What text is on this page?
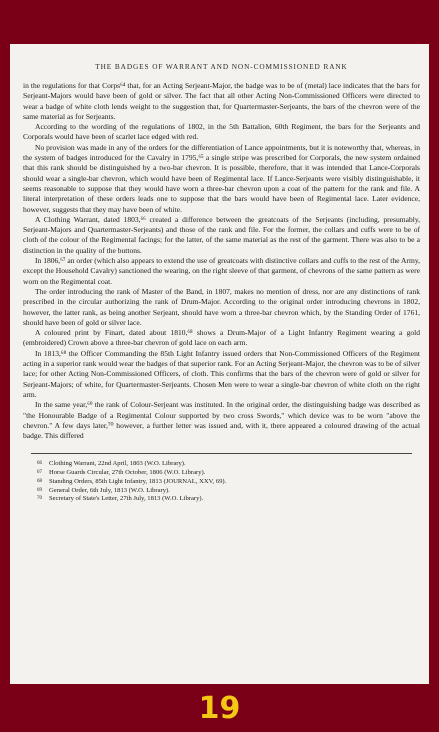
THE BADGES OF WARRANT AND NON-COMMISSIONED RANK

in the regulations for that Corps⁶⁴ that, for an Acting Serjeant-Major, the badge was to be of (metal) lace indicates that the bars for Serjeant-Majors would have been of gold or silver. The fact that all other Acting Non-Commissioned Officers were directed to wear a badge of white cloth lends weight to the suggestion that, for Quartermaster-Serjeants, the bars of the chevron were of the same material as for Serjeants.

According to the wording of the regulations of 1802, in the 5th Battalion, 60th Regiment, the bars for the Serjeants and Corporals would have been of scarlet lace edged with red.

No provision was made in any of the orders for the differentiation of Lance appointments, but it is noteworthy that, whereas, in the system of badges introduced for the Cavalry in 1795,⁶⁵ a single stripe was prescribed for Corporals, the new system ordained that this rank should be distinguished by a two-bar chevron. It is possible, therefore, that it was intended that Lance-Corporals should wear a single-bar chevron, which would have been of Regimental lace. If Lance-Serjeants were visibly distinguishable, it seems reasonable to suppose that they would have worn a three-bar chevron upon a coat of the pattern for the rank and file. A literal interpretation of these orders leads one to suppose that the bars would have been of Regimental lace. Later evidence, however, suggests that they may have been of white.

A Clothing Warrant, dated 1803,⁶⁶ created a difference between the greatcoats of the Serjeants (including, presumably, Serjeant-Majors and Quartermaster-Serjeants) and those of the rank and file. For the former, the collars and cuffs were to be of cloth of the colour of the Regimental facings; for the latter, of the same material as the rest of the garment. There was also to be a distinction in the quality of the buttons.

In 1806,⁶⁷ an order (which also appears to extend the use of greatcoats with distinctive collars and cuffs to the rest of the Army, except the Household Cavalry) sanctioned the wearing, on the right sleeve of that garment, of chevrons of the same pattern as were worn on the Regimental coat.

The order introducing the rank of Master of the Band, in 1807, makes no mention of dress, nor are any distinctions of rank prescribed in the circular authorizing the rank of Drum-Major. According to the original order introducing chevrons in 1802, however, the latter rank, as being another Serjeant, should have worn a three-bar chevron which, by the Standing Order of 1761, should have been of gold or silver lace.

A coloured print by Finart, dated about 1810,⁶⁸ shows a Drum-Major of a Light Infantry Regiment wearing a gold (embroidered) Crown above a three-bar chevron of gold lace on each arm.

In 1813,⁶⁸ the Officer Commanding the 85th Light Infantry issued orders that Non-Commissioned Officers of the Regiment acting in a superior rank would wear the badges of that superior rank. For an Acting Serjeant-Major, the chevron was to be of silver lace; for other Acting Non-Commissioned Officers, of cloth. This confirms that the bars of the chevron were of gold or silver for Serjeant-Majors; of white, for Quartermaster-Serjeants. Chosen Men were to wear a single-bar chevron of white cloth on the right arm.

In the same year,⁶⁹ the rank of Colour-Serjeant was instituted. In the original order, the distinguishing badge was described as "the Honourable Badge of a Regimental Colour supported by two cross Swords," which device was to be worn "above the chevron." A few days later,⁷⁰ however, a further letter was issued and, with it, there appeared a coloured drawing of the actual badge. This differed

66 Clothing Warrant, 22nd April, 1803 (W.O. Library).
67 Horse Guards Circular, 27th October, 1806 (W.O. Library).
68 Standing Orders, 85th Light Infantry, 1813 (JOURNAL, XXV, 69).
69 General Order, 6th July, 1813 (W.O. Library).
70 Secretary of State's Letter, 27th July, 1813 (W.O. Library).
19
